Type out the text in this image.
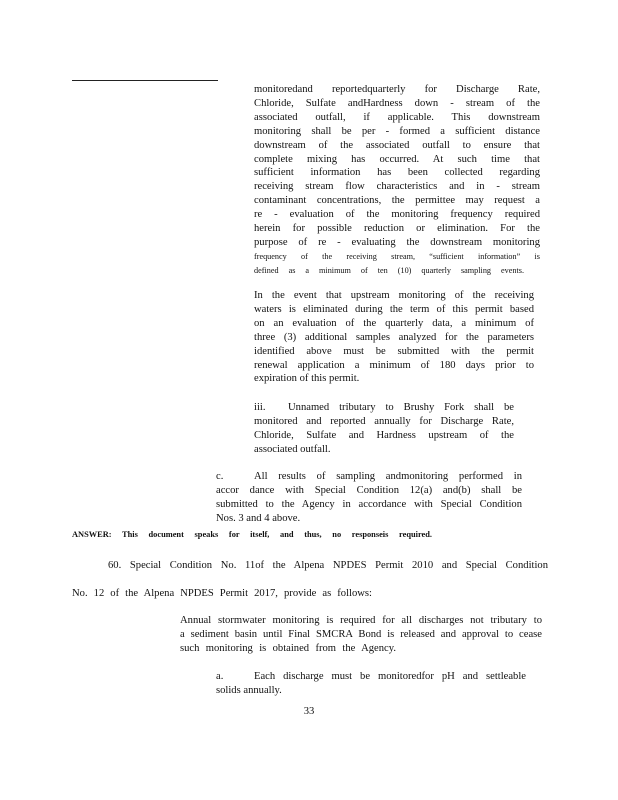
monitoredand reportedquarterly for Discharge Rate,

Chloride, Sulfate andHardness down - stream of the

associated outfall, if applicable. This downstream

monitoring shall be per - formed a sufficient distance

downstream of the associated outfall to ensure that

complete mixing has occurred. At such time that

sufficient information has been collected regarding

receiving stream flow characteristics and in - stream

contaminant concentrations, the permittee may request a

re - evaluation of the monitoring frequency required

herein for possible reduction or elimination. For the

purpose of re - evaluating the downstream monitoring

frequency of the receiving stream, “sufficient information” is

defined as a minimum of ten (10) quarterly sampling events.

In the event that upstream monitoring of the receiving

waters is eliminated during the term of this permit based

on an evaluation of the quarterly data, a minimum of

three (3) additional samples analyzed for the parameters

identified above must be submitted with the permit

renewal application a minimum of 180 days prior to

expiration of this permit.

iii. Unnamed tributary to Brushy Fork shall be

monitored and reported annually for Discharge Rate,

Chloride, Sulfate and Hardness upstream of the

associated outfall.

c.	All results of sampling andmonitoring performed in

accor dance with Special Condition 12(a) and(b) shall be

submitted to the Agency in accordance with Special Condition

Nos. 3 and 4 above.

ANSWER: This document speaks for itself, and thus, no responseis required.

60. Special Condition No. 11of the Alpena NPDES Permit 2010 and Special Condition

No. 12 of the Alpena NPDES Permit 2017, provide as follows:

Annual stormwater monitoring is required for all discharges not tributary to

a sediment basin until Final SMCRA Bond is released and approval to cease

such monitoring is obtained from the Agency.

a.	Each discharge must be monitoredfor pH and settleable

solids annually.

33
